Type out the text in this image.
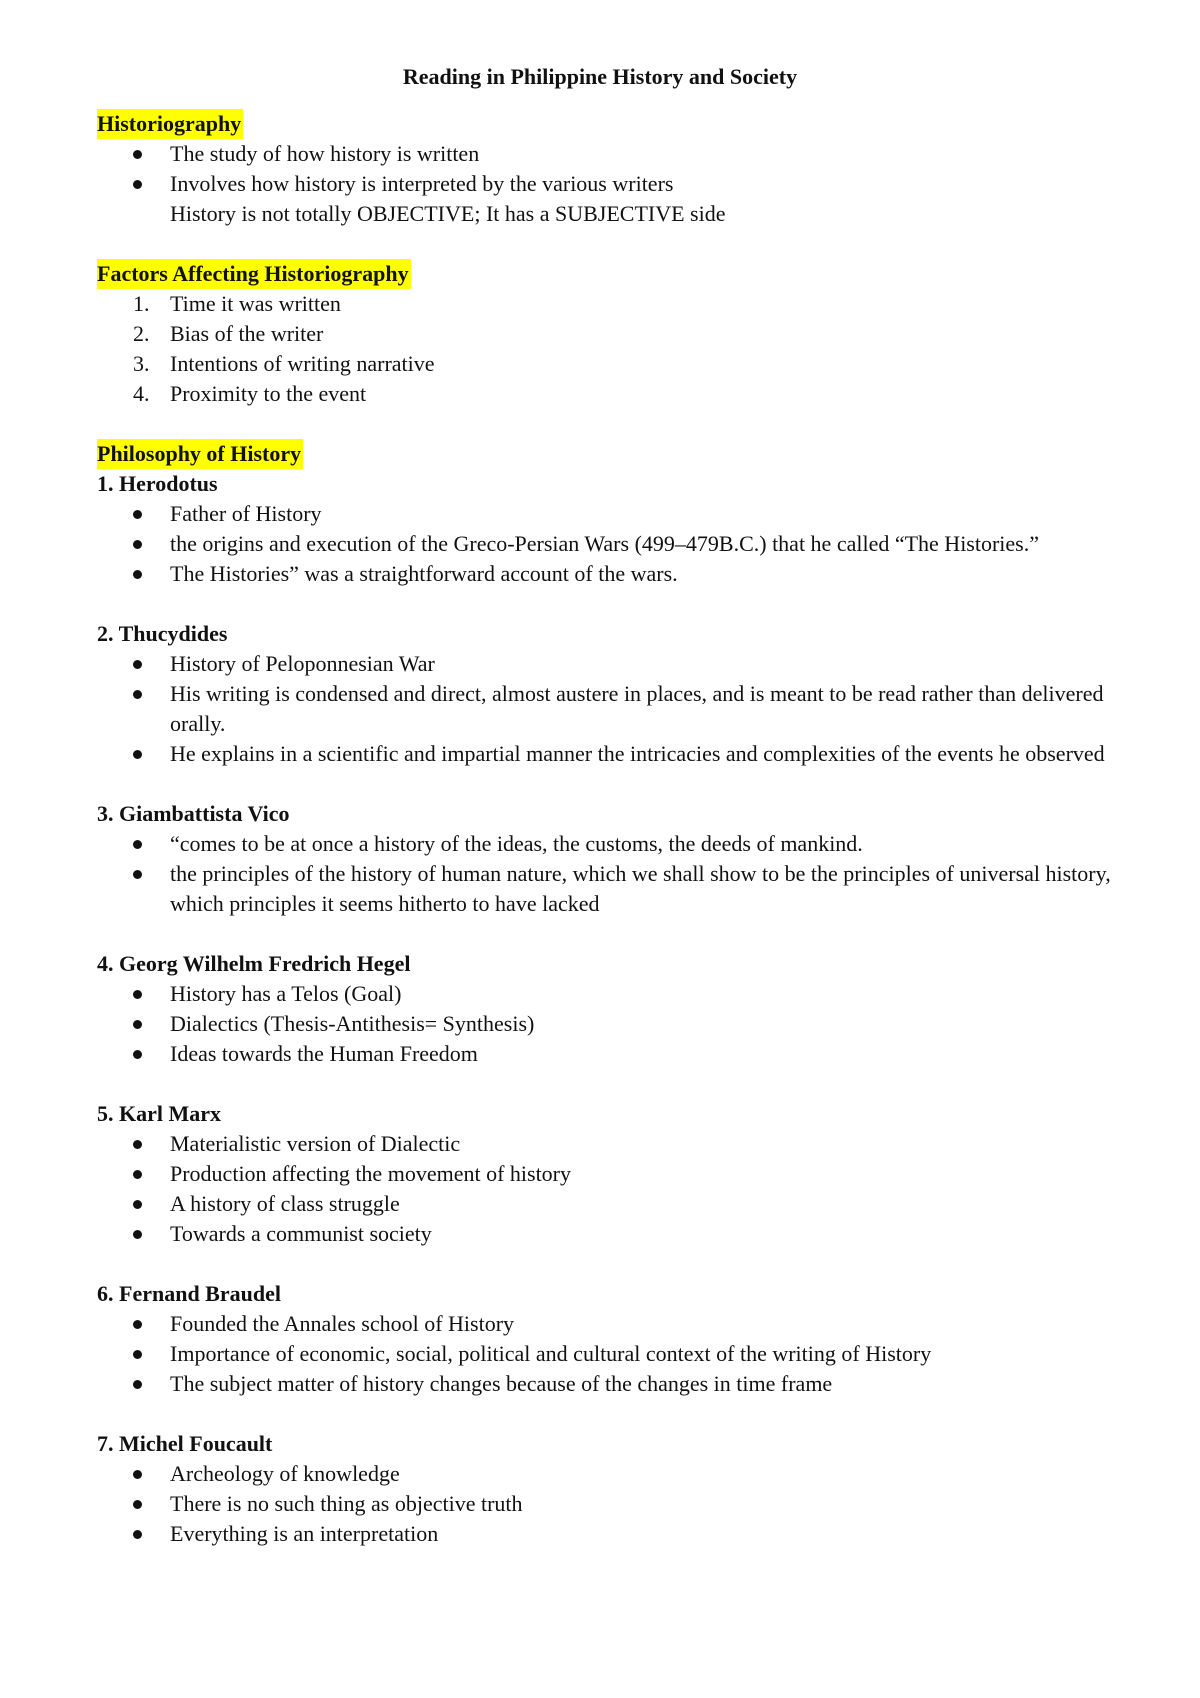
Reading in Philippine History and Society
Historiography
The study of how history is written
Involves how history is interpreted by the various writers
History is not totally OBJECTIVE; It has a SUBJECTIVE side
Factors Affecting Historiography
1. Time it was written
2. Bias of the writer
3. Intentions of writing narrative
4. Proximity to the event
Philosophy of History
1. Herodotus
Father of History
the origins and execution of the Greco-Persian Wars (499–479B.C.) that he called “The Histories.”
The Histories” was a straightforward account of the wars.
2. Thucydides
History of Peloponnesian War
His writing is condensed and direct, almost austere in places, and is meant to be read rather than delivered orally.
He explains in a scientific and impartial manner the intricacies and complexities of the events he observed
3. Giambattista Vico
“comes to be at once a history of the ideas, the customs, the deeds of mankind.
the principles of the history of human nature, which we shall show to be the principles of universal history, which principles it seems hitherto to have lacked
4. Georg Wilhelm Fredrich Hegel
History has a Telos (Goal)
Dialectics (Thesis-Antithesis= Synthesis)
Ideas towards the Human Freedom
5. Karl Marx
Materialistic version of Dialectic
Production affecting the movement of history
A history of class struggle
Towards a communist society
6. Fernand Braudel
Founded the Annales school of History
Importance of economic, social, political and cultural context of the writing of History
The subject matter of history changes because of the changes in time frame
7. Michel Foucault
Archeology of knowledge
There is no such thing as objective truth
Everything is an interpretation
